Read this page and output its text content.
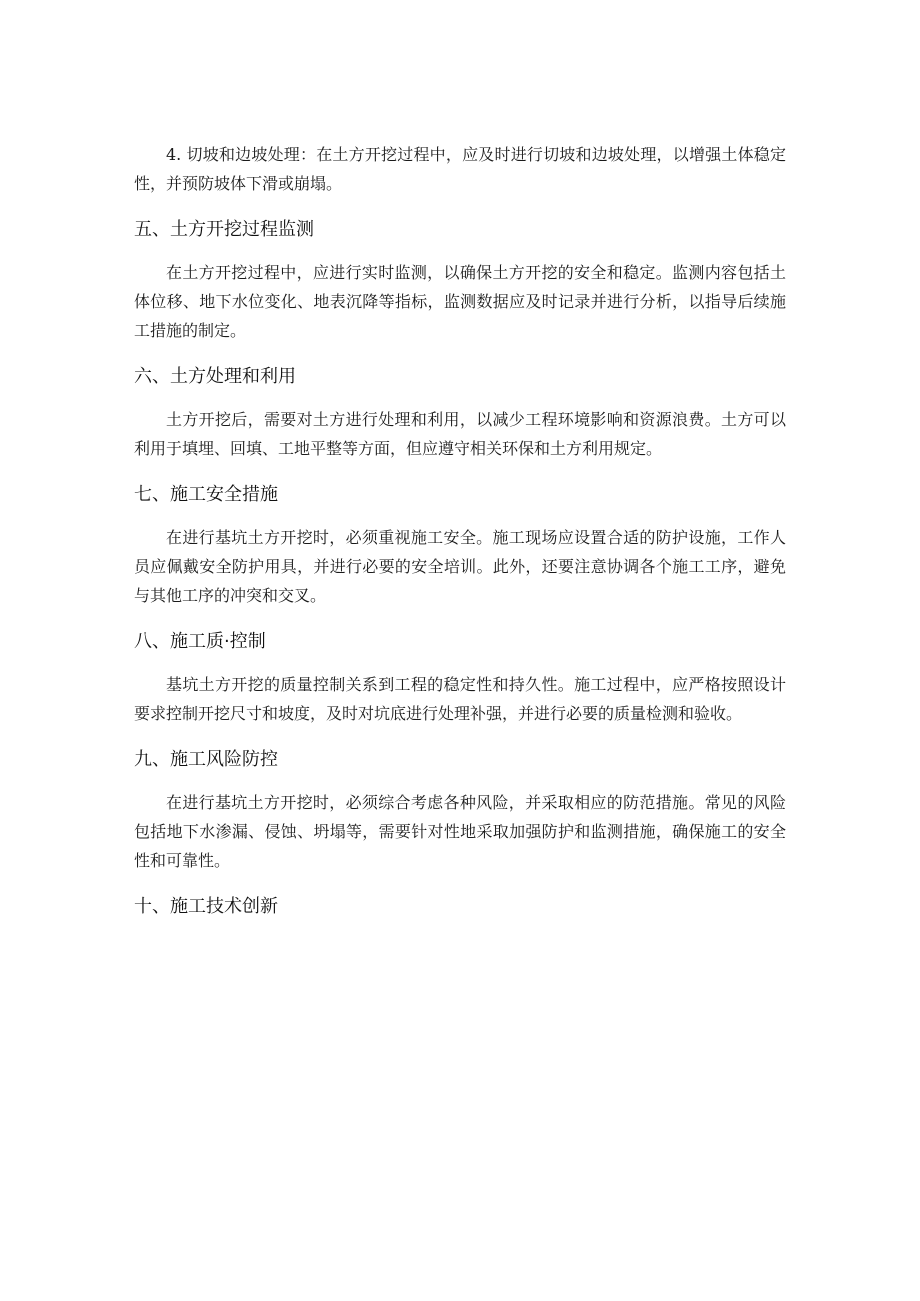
4. 切坡和边坡处理：在土方开挖过程中，应及时进行切坡和边坡处理，以增强土体稳定性，并预防坡体下滑或崩塌。

五、土方开挖过程监测

在土方开挖过程中，应进行实时监测，以确保土方开挖的安全和稳定。监测内容包括土体位移、地下水位变化、地表沉降等指标，监测数据应及时记录并进行分析，以指导后续施工措施的制定。

六、土方处理和利用

土方开挖后，需要对土方进行处理和利用，以减少工程环境影响和资源浪费。土方可以利用于填埋、回填、工地平整等方面，但应遵守相关环保和土方利用规定。

七、施工安全措施

在进行基坑土方开挖时，必须重视施工安全。施工现场应设置合适的防护设施，工作人员应佩戴安全防护用具，并进行必要的安全培训。此外，还要注意协调各个施工工序，避免与其他工序的冲突和交叉。

八、施工质·控制

基坑土方开挖的质量控制关系到工程的稳定性和持久性。施工过程中，应严格按照设计要求控制开挖尺寸和坡度，及时对坑底进行处理补强，并进行必要的质量检测和验收。

九、施工风险防控

在进行基坑土方开挖时，必须综合考虑各种风险，并采取相应的防范措施。常见的风险包括地下水渗漏、侵蚀、坍塌等，需要针对性地采取加强防护和监测措施，确保施工的安全性和可靠性。

十、施工技术创新
